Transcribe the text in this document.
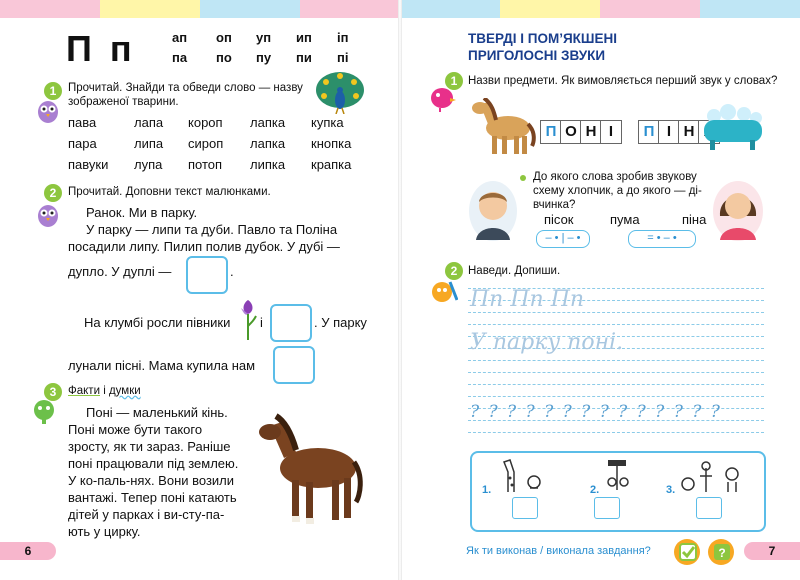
П п	ап оп уп ип іп
па по пу пи пі
1	Прочитай. Знайди та обведи слово — назву зображеної тварини.
пава	лапа короп лапка купка
пара	липа сироп лапка кнопка
павуки лупа потоп липка крапка
2	Прочитай. Доповни текст малюнками.
Ранок. Ми в парку.
У парку — липи та дуби. Павло та Поліна
посадили липу. Пилип полив дубок. У дубі —
дупло. У дуплі —	.
На клумбі росли півники і	. У парку
лунали пісні. Мама купила нам
3	Факти і думки
Поні — маленький кінь.
Поні може бути такого
зросту, як ти зараз. Раніше
поні працювали під землею.
У ко-паль-нях. Вони возили
вантажі. Тепер поні катають
дітей у парках і ви-сту-па-
ють у цирку.
6
ТВЕРДІ І ПОМ’ЯКШЕНІ
ПРИГОЛОСНІ ЗВУКИ
1 Назви предмети. Як вимовляється перший звук у словах?
П О Н І	П І Н
До якого слова зробив звукову
схему хлопчик, а до якого — ді-
вчинка?
пісок	пума	піна
– • | – •	= • – •
2 Наведи. Допиши.
Пп Пп Пп
У парку поні.
? ? ? ? ? ? ? ? ? ? ? ? ? ?
1.	2.	3.
Як ти виконав / виконала завдання?	?	7
